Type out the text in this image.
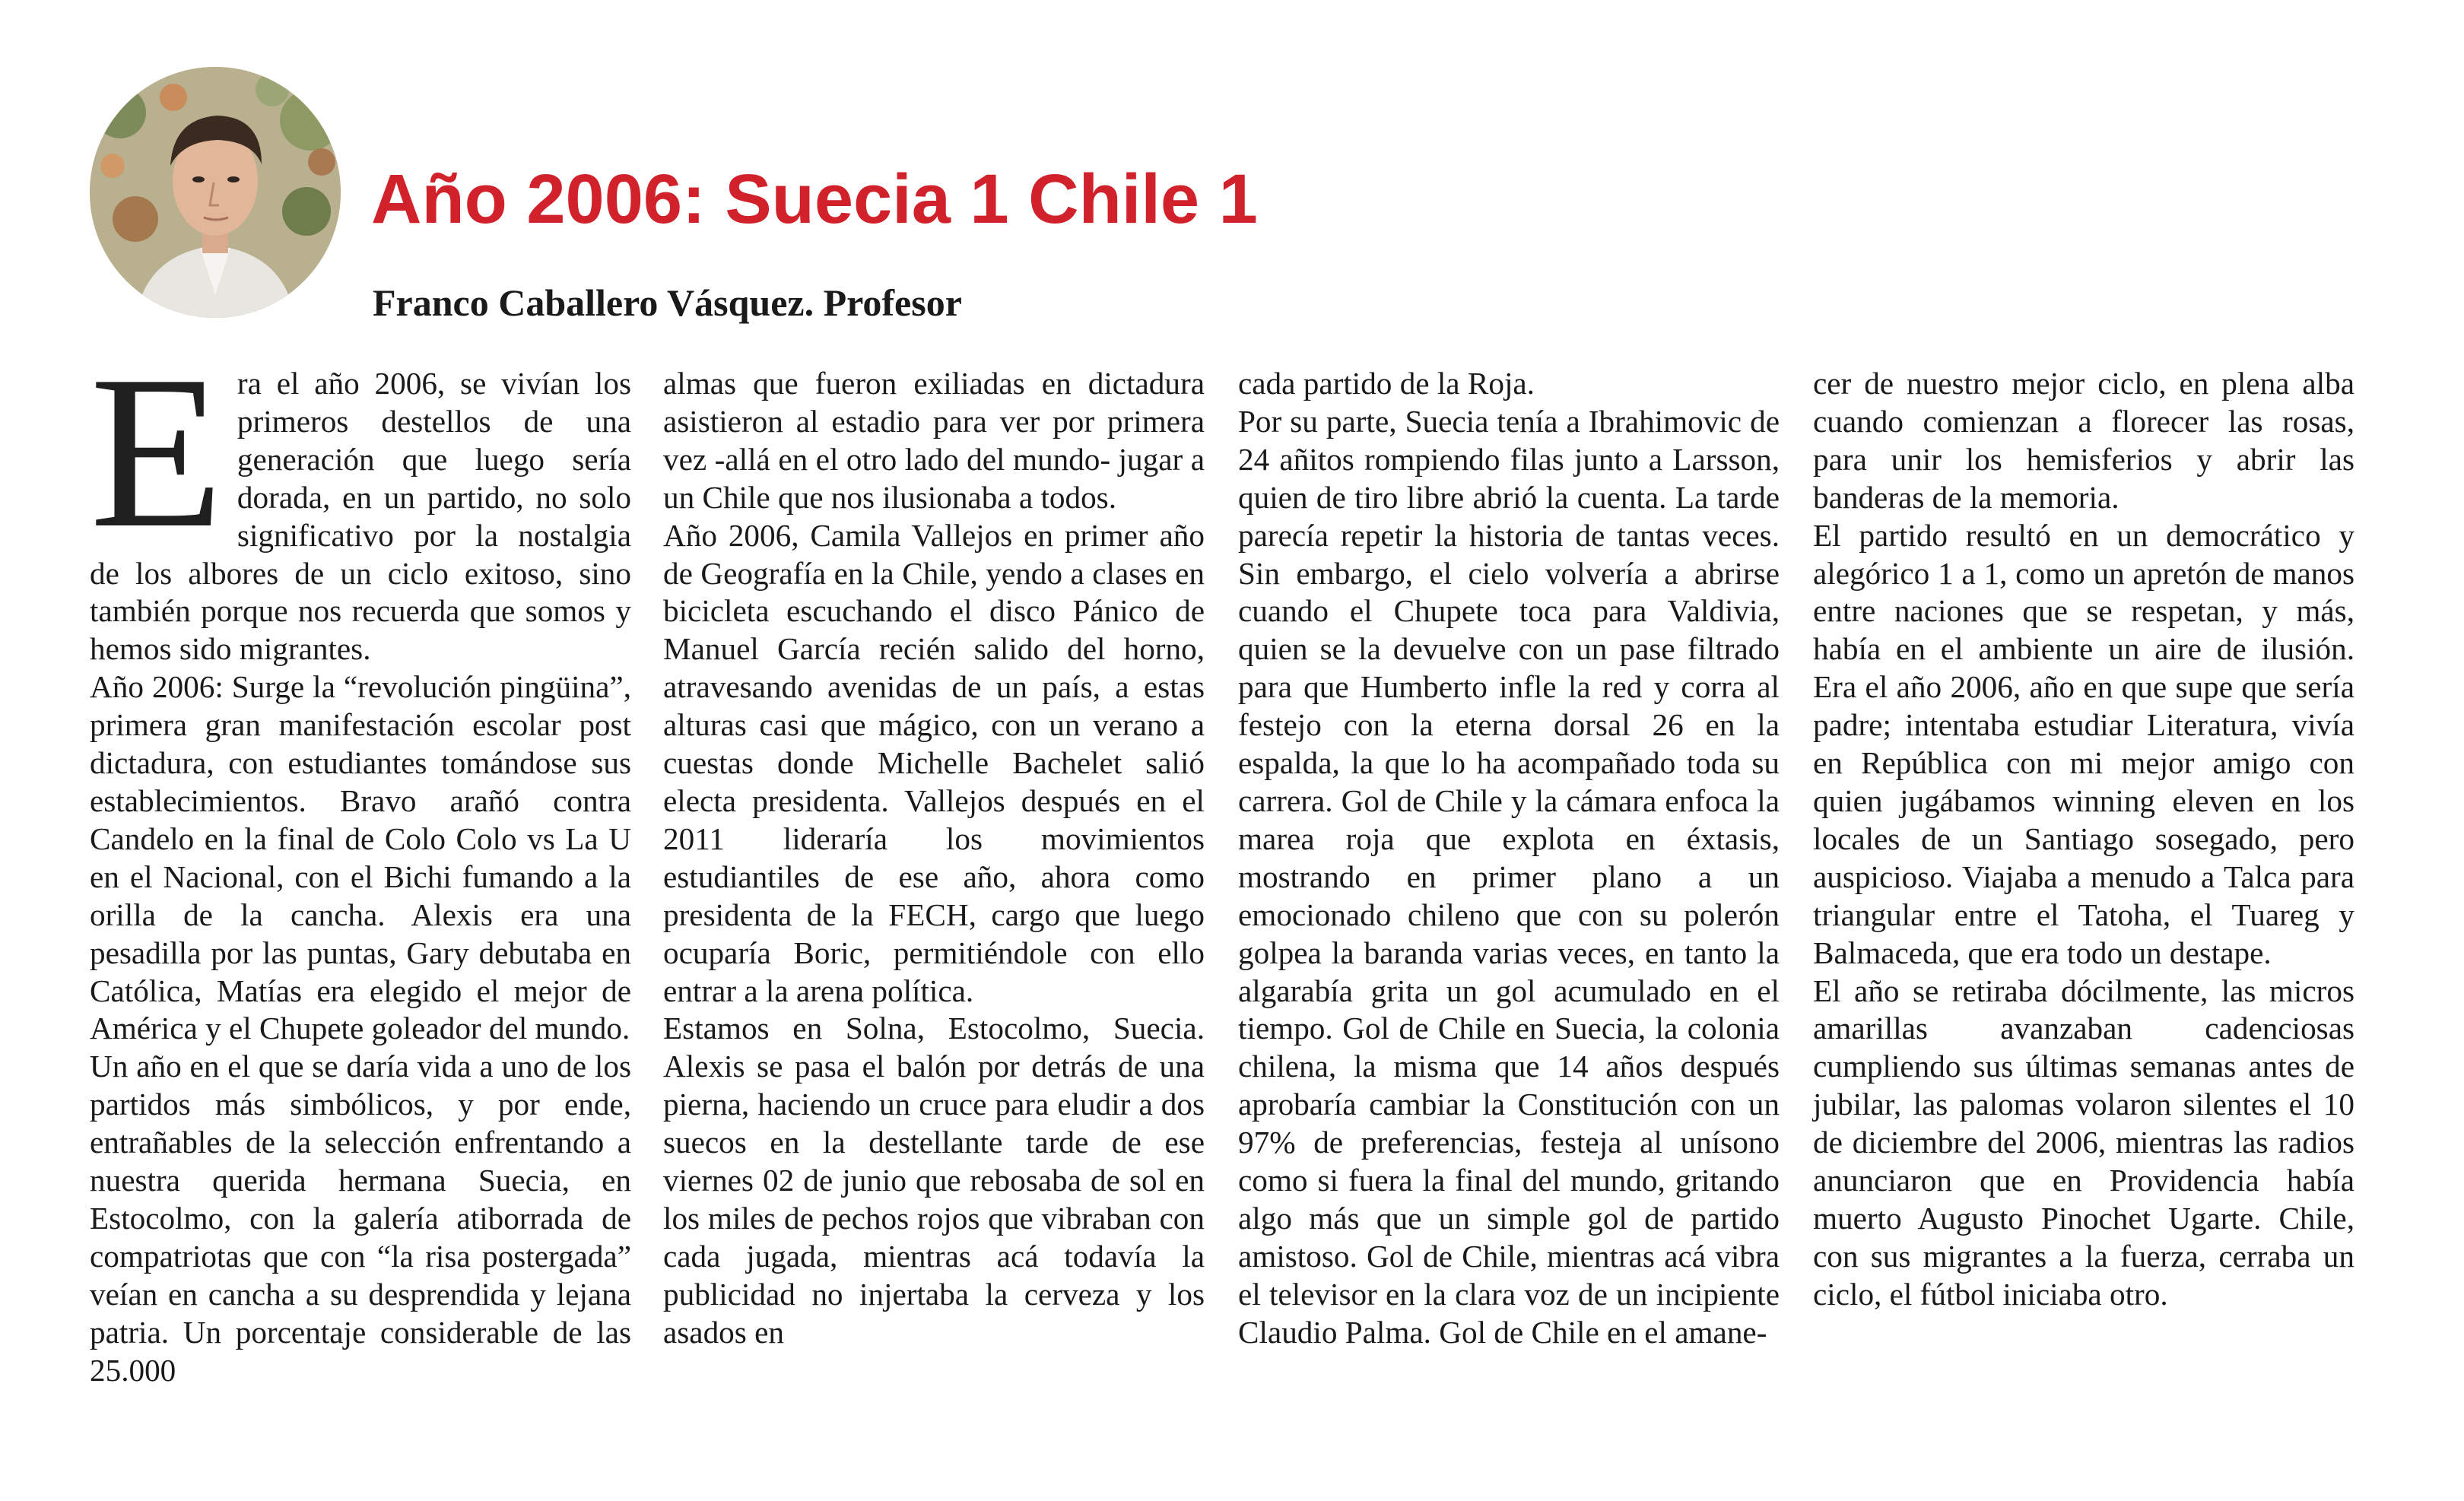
Año 2006: Suecia 1 Chile 1
Franco Caballero Vásquez. Profesor
E ra el año 2006, se vivían los primeros destellos de una generación que luego sería dorada, en un partido, no solo significativo por la nostalgia de los albores de un ciclo exitoso, sino también porque nos recuerda que somos y hemos sido migrantes.
Año 2006: Surge la “revolución pingüina”, primera gran manifestación escolar post dictadura, con estudiantes tomándose sus establecimientos. Bravo arañó contra Candelo en la final de Colo Colo vs La U en el Nacional, con el Bichi fumando a la orilla de la cancha. Alexis era una pesadilla por las puntas, Gary debutaba en Católica, Matías era elegido el mejor de América y el Chupete goleador del mundo.
Un año en el que se daría vida a uno de los partidos más simbólicos, y por ende, entrañables de la selección enfrentando a nuestra querida hermana Suecia, en Estocolmo, con la galería atiborrada de compatriotas que con “la risa postergada” veían en cancha a su desprendida y lejana patria. Un porcentaje considerable de las 25.000
almas que fueron exiliadas en dictadura asistieron al estadio para ver por primera vez -allá en el otro lado del mundo- jugar a un Chile que nos ilusionaba a todos.
Año 2006, Camila Vallejos en primer año de Geografía en la Chile, yendo a clases en bicicleta escuchando el disco Pánico de Manuel García recién salido del horno, atravesando avenidas de un país, a estas alturas casi que mágico, con un verano a cuestas donde Michelle Bachelet salió electa presidenta. Vallejos después en el 2011 lideraría los movimientos estudiantiles de ese año, ahora como presidenta de la FECH, cargo que luego ocuparía Boric, permitiéndole con ello entrar a la arena política.
Estamos en Solna, Estocolmo, Suecia. Alexis se pasa el balón por detrás de una pierna, haciendo un cruce para eludir a dos suecos en la destellante tarde de ese viernes 02 de junio que rebosaba de sol en los miles de pechos rojos que vibraban con cada jugada, mientras acá todavía la publicidad no injertaba la cerveza y los asados en
cada partido de la Roja.
Por su parte, Suecia tenía a Ibrahimovic de 24 añitos rompiendo filas junto a Larsson, quien de tiro libre abrió la cuenta. La tarde parecía repetir la historia de tantas veces. Sin embargo, el cielo volvería a abrirse cuando el Chupete toca para Valdivia, quien se la devuelve con un pase filtrado para que Humberto infle la red y corra al festejo con la eterna dorsal 26 en la espalda, la que lo ha acompañado toda su carrera. Gol de Chile y la cámara enfoca la marea roja que explota en éxtasis, mostrando en primer plano a un emocionado chileno que con su polerón golpea la baranda varias veces, en tanto la algarabía grita un gol acumulado en el tiempo. Gol de Chile en Suecia, la colonia chilena, la misma que 14 años después aprobaría cambiar la Constitución con un 97% de preferencias, festeja al unísono como si fuera la final del mundo, gritando algo más que un simple gol de partido amistoso. Gol de Chile, mientras acá vibra el televisor en la clara voz de un incipiente Claudio Palma. Gol de Chile en el amane-
cer de nuestro mejor ciclo, en plena alba cuando comienzan a florecer las rosas, para unir los hemisferios y abrir las banderas de la memoria.
El partido resultó en un democrático y alegórico 1 a 1, como un apretón de manos entre naciones que se respetan, y más, había en el ambiente un aire de ilusión. Era el año 2006, año en que supe que sería padre; intentaba estudiar Literatura, vivía en República con mi mejor amigo con quien jugábamos winning eleven en los locales de un Santiago sosegado, pero auspicioso. Viajaba a menudo a Talca para triangular entre el Tatoha, el Tuareg y Balmaceda, que era todo un destape.
El año se retiraba dócilmente, las micros amarillas avanzaban cadenciosas cumpliendo sus últimas semanas antes de jubilar, las palomas volaron silentes el 10 de diciembre del 2006, mientras las radios anunciaron que en Providencia había muerto Augusto Pinochet Ugarte. Chile, con sus migrantes a la fuerza, cerraba un ciclo, el fútbol iniciaba otro.
